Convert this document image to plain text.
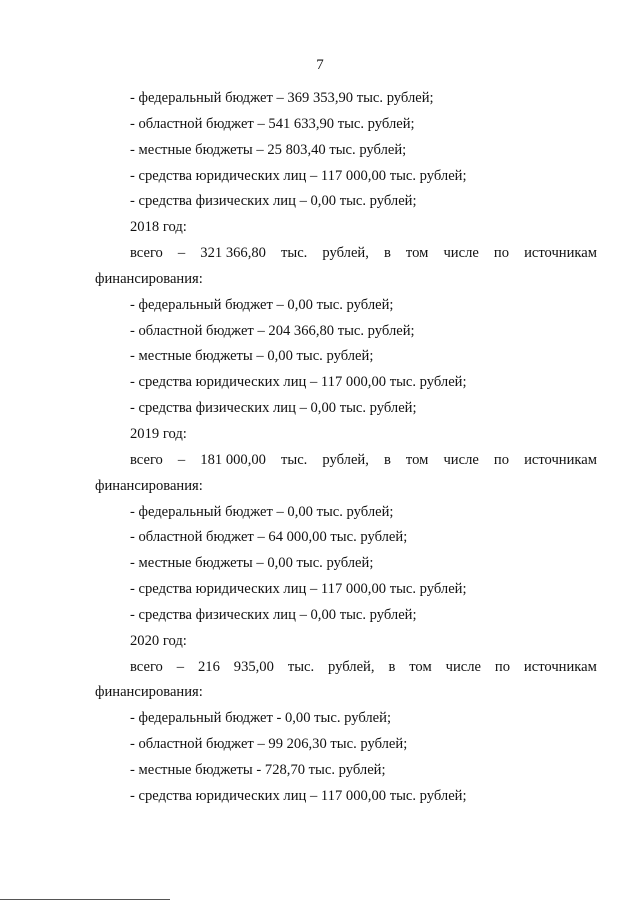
7
- федеральный бюджет – 369 353,90 тыс. рублей;
- областной бюджет – 541 633,90 тыс. рублей;
- местные бюджеты – 25 803,40 тыс. рублей;
- средства юридических лиц – 117 000,00 тыс. рублей;
- средства физических лиц – 0,00 тыс. рублей;
2018 год:
всего – 321 366,80 тыс. рублей, в том числе по источникам
финансирования:
- федеральный бюджет – 0,00 тыс. рублей;
- областной бюджет – 204 366,80 тыс. рублей;
- местные бюджеты – 0,00 тыс. рублей;
- средства юридических лиц – 117 000,00 тыс. рублей;
- средства физических лиц – 0,00 тыс. рублей;
2019 год:
всего – 181 000,00 тыс. рублей, в том числе по источникам
финансирования:
- федеральный бюджет – 0,00 тыс. рублей;
- областной бюджет – 64 000,00 тыс. рублей;
- местные бюджеты – 0,00 тыс. рублей;
- средства юридических лиц – 117 000,00 тыс. рублей;
- средства физических лиц – 0,00 тыс. рублей;
2020 год:
всего – 216 935,00 тыс. рублей, в том числе по источникам
финансирования:
- федеральный бюджет - 0,00 тыс. рублей;
- областной бюджет – 99 206,30 тыс. рублей;
- местные бюджеты - 728,70 тыс. рублей;
- средства юридических лиц – 117 000,00 тыс. рублей;
